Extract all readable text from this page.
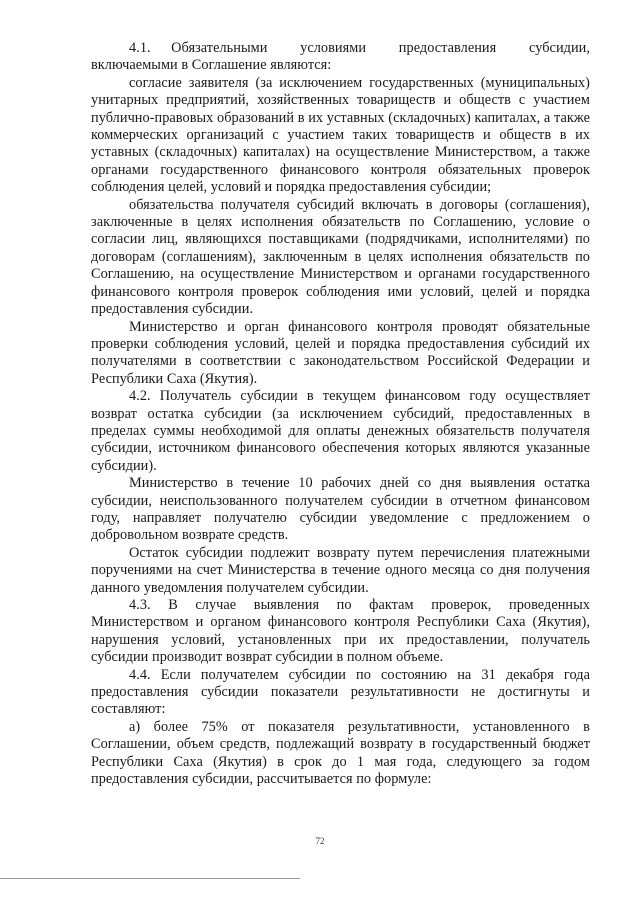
4.1.     Обязательными        условиями        предоставления        субсидии, включаемыми в Соглашение являются:

согласие заявителя (за исключением государственных (муниципальных) унитарных предприятий, хозяйственных товариществ и обществ с участием публично-правовых образований в их уставных (складочных) капиталах, а также коммерческих организаций с участием таких товариществ и обществ в их уставных (складочных) капиталах) на осуществление Министерством, а также органами государственного финансового контроля обязательных проверок соблюдения целей, условий и порядка предоставления субсидии;

обязательства получателя субсидий включать в договоры (соглашения), заключенные в целях исполнения обязательств по Соглашению, условие о согласии лиц, являющихся поставщиками (подрядчиками, исполнителями) по договорам (соглашениям), заключенным в целях исполнения обязательств по Соглашению, на осуществление Министерством и органами государственного финансового контроля проверок соблюдения ими условий, целей и порядка предоставления субсидии.

Министерство и орган финансового контроля проводят обязательные проверки соблюдения условий, целей и порядка предоставления субсидий их получателями в соответствии с законодательством Российской Федерации и Республики Саха (Якутия).

4.2. Получатель субсидии в текущем финансовом году осуществляет возврат остатка субсидии (за исключением субсидий, предоставленных в пределах суммы необходимой для оплаты денежных обязательств получателя субсидии, источником финансового обеспечения которых являются указанные субсидии).

Министерство в течение 10 рабочих дней со дня выявления остатка субсидии, неиспользованного получателем субсидии в отчетном финансовом году, направляет получателю субсидии уведомление с предложением о добровольном возврате средств.

Остаток субсидии подлежит возврату путем перечисления платежными поручениями на счет Министерства в течение одного месяца со дня получения данного уведомления получателем субсидии.

4.3. В случае выявления по фактам проверок, проведенных Министерством и органом финансового контроля Республики Саха (Якутия), нарушения условий, установленных при их предоставлении, получатель субсидии производит возврат субсидии в полном объеме.

4.4. Если получателем субсидии по состоянию на 31 декабря года предоставления субсидии показатели результативности не достигнуты и составляют:

а) более 75% от показателя результативности, установленного в Соглашении, объем средств, подлежащий возврату в государственный бюджет Республики Саха (Якутия) в срок до 1 мая года, следующего за годом предоставления субсидии, рассчитывается по формуле:

72
